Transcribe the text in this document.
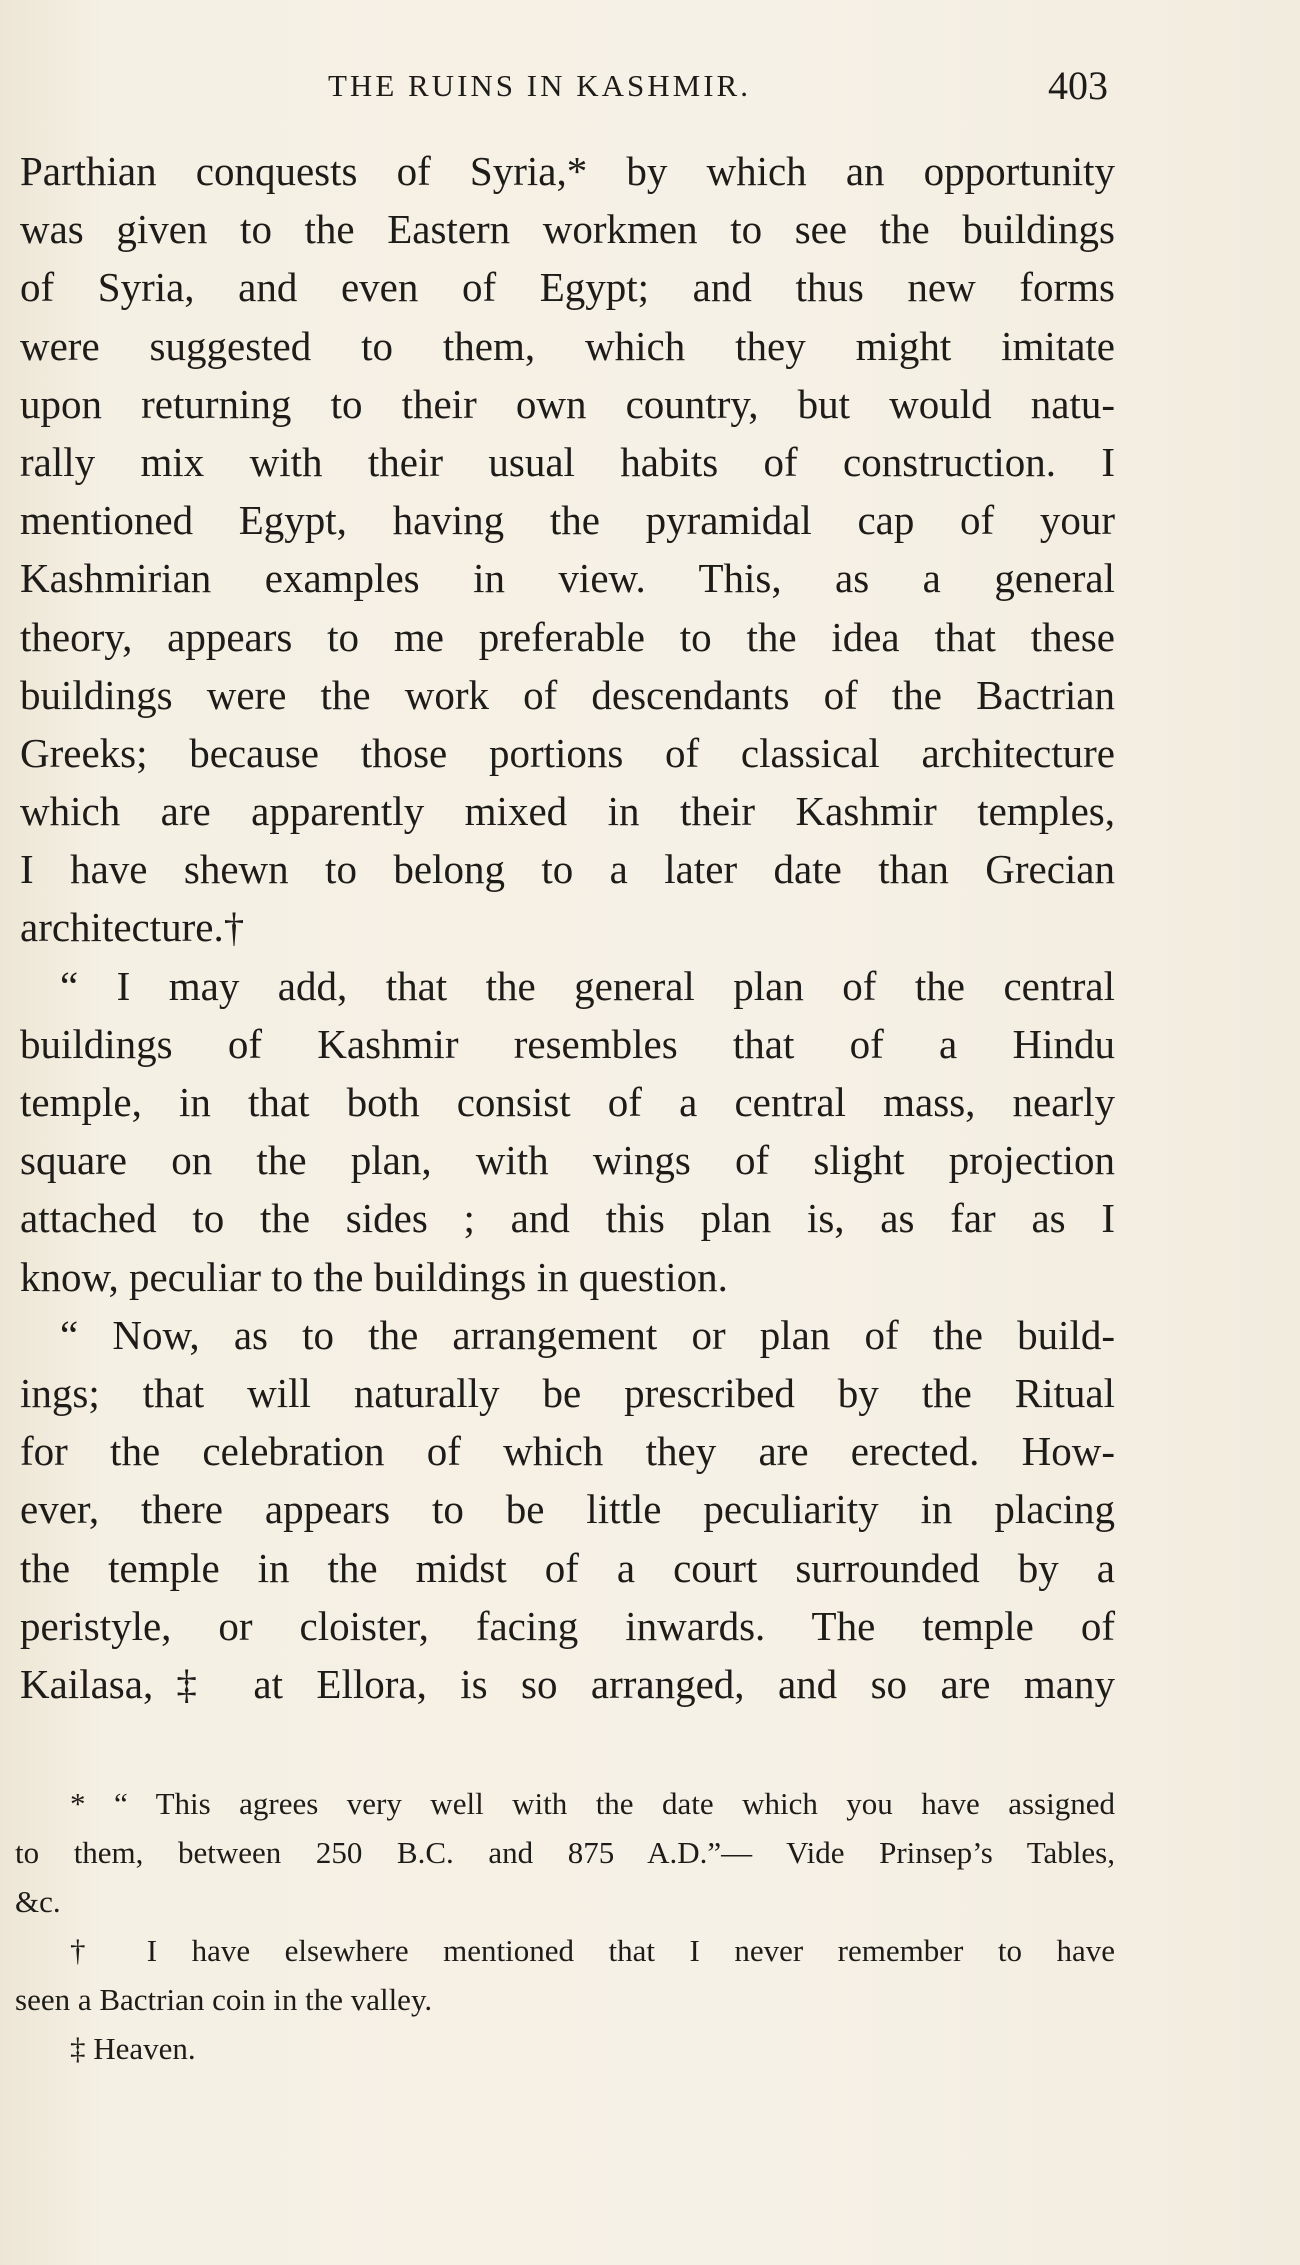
THE RUINS IN KASHMIR.	403
Parthian conquests of Syria,* by which an opportunity
was given to the Eastern workmen to see the buildings
of Syria, and even of Egypt; and thus new forms
were suggested to them, which they might imitate
upon returning to their own country, but would natu-
rally mix with their usual habits of construction. I
mentioned Egypt, having the pyramidal cap of your
Kashmirian examples in view. This, as a general
theory, appears to me preferable to the idea that these
buildings were the work of descendants of the Bactrian
Greeks; because those portions of classical architecture
which are apparently mixed in their Kashmir temples,
I have shewn to belong to a later date than Grecian
architecture.†
“ I may add, that the general plan of the central
buildings of Kashmir resembles that of a Hindu
temple, in that both consist of a central mass, nearly
square on the plan, with wings of slight projection
attached to the sides ; and this plan is, as far as I
know, peculiar to the buildings in question.
“ Now, as to the arrangement or plan of the build-
ings; that will naturally be prescribed by the Ritual
for the celebration of which they are erected. How-
ever, there appears to be little peculiarity in placing
the temple in the midst of a court surrounded by a
peristyle, or cloister, facing inwards. The temple of
Kailasa,‡ at Ellora, is so arranged, and so are many
* “ This agrees very well with the date which you have assigned
to them, between 250 B.C. and 875 A.D.”— Vide Prinsep’s Tables,
&c.
† I have elsewhere mentioned that I never remember to have
seen a Bactrian coin in the valley.
‡ Heaven.
